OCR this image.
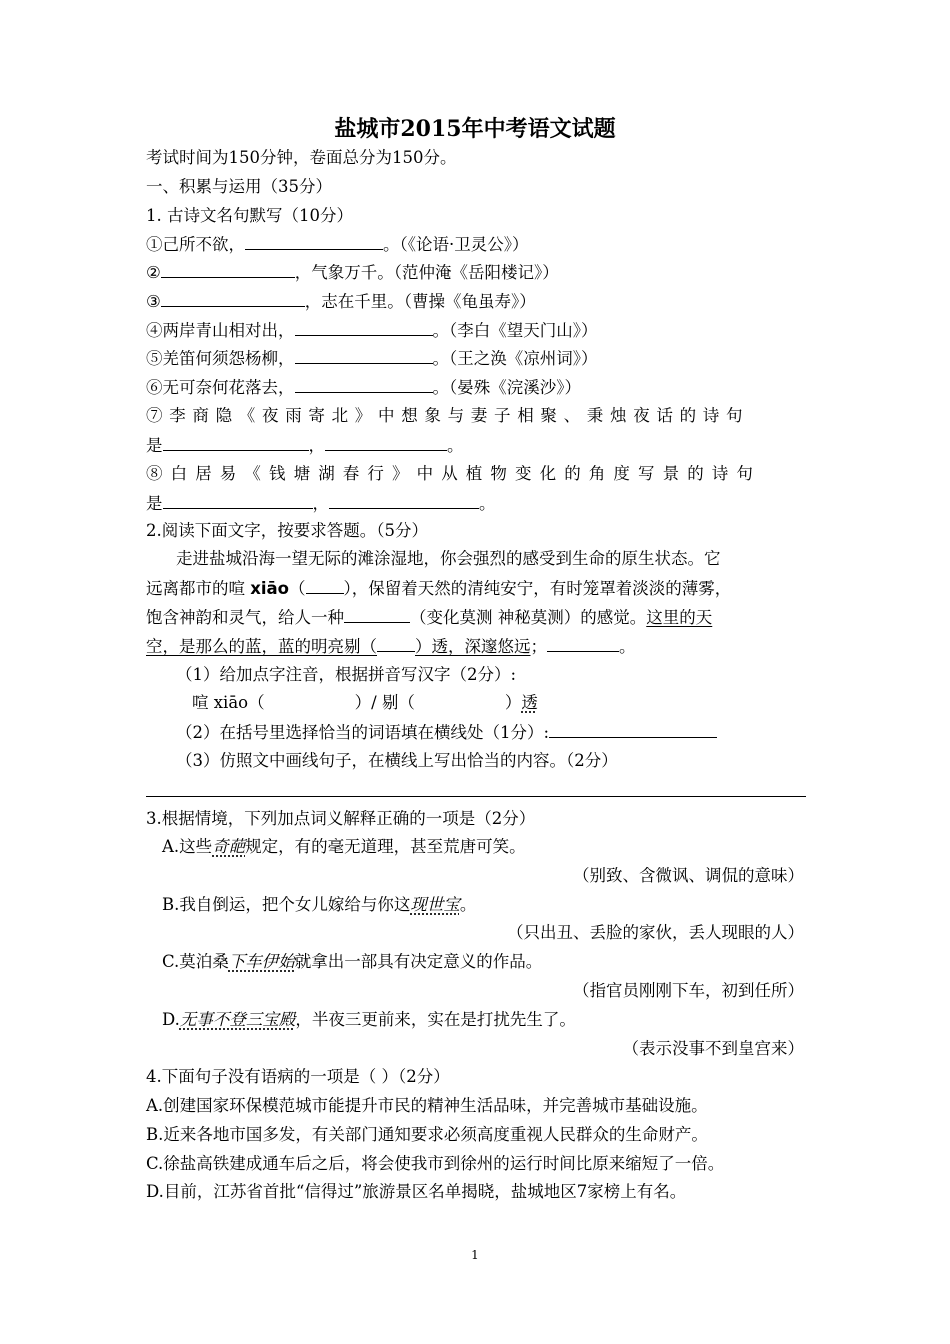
盐城市2015年中考语文试题
考试时间为150分钟，卷面总分为150分。
一、积累与运用（35分）
1. 古诗文名句默写（10分）
①己所不欲，	。（《论语·卫灵公》）
②	，气象万千。（范仲淹《岳阳楼记》）
③	，志在千里。（曹操《龟虽寿》）
④两岸青山相对出，	。（李白《望天门山》）
⑤羌笛何须怨杨柳，	。（王之涣《凉州词》）
⑥无可奈何花落去，	。（晏殊《浣溪沙》）
⑦李商隐《夜雨寄北》中想象与妻子相聚、秉烛夜话的诗句
是	，	。
⑧白居易《钱塘湖春行》中从植物变化的角度写景的诗句
是	，	。
2.阅读下面文字，按要求答题。（5分）
走进盐城沿海一望无际的滩涂湿地，你会强烈的感受到生命的原生状态。它
远离都市的喧 xiāo（ ），保留着天然的清纯安宁，有时笼罩着淡淡的薄雾，
饱含神韵和灵气，给人一种	（变化莫测 神秘莫测）的感觉。这里的天
空，是那么的蓝，蓝的明亮剔（ ）透，深邃悠远；	。
（1）给加点字注音，根据拼音写汉字（2分）:
喧 xiāo（	）/ 剔（	）透
（2）在括号里选择恰当的词语填在横线处（1分）:
（3）仿照文中画线句子，在横线上写出恰当的内容。（2分）
3.根据情境，下列加点词义解释正确的一项是（2分）
A.这些奇葩规定，有的毫无道理，甚至荒唐可笑。
（别致、含微讽、调侃的意味）
B.我自倒运，把个女儿嫁给与你这现世宝。
（只出丑、丢脸的家伙，丢人现眼的人）
C.莫泊桑下车伊始就拿出一部具有决定意义的作品。
（指官员刚刚下车，初到任所）
D.无事不登三宝殿，半夜三更前来，实在是打扰先生了。
（表示没事不到皇宫来）
4.下面句子没有语病的一项是（ ）（2分）
A.创建国家环保模范城市能提升市民的精神生活品味，并完善城市基础设施。
B.近来各地市国多发，有关部门通知要求必须高度重视人民群众的生命财产。
C.徐盐高铁建成通车后之后，将会使我市到徐州的运行时间比原来缩短了一倍。
D.目前，江苏省首批“信得过”旅游景区名单揭晓，盐城地区7家榜上有名。
1
